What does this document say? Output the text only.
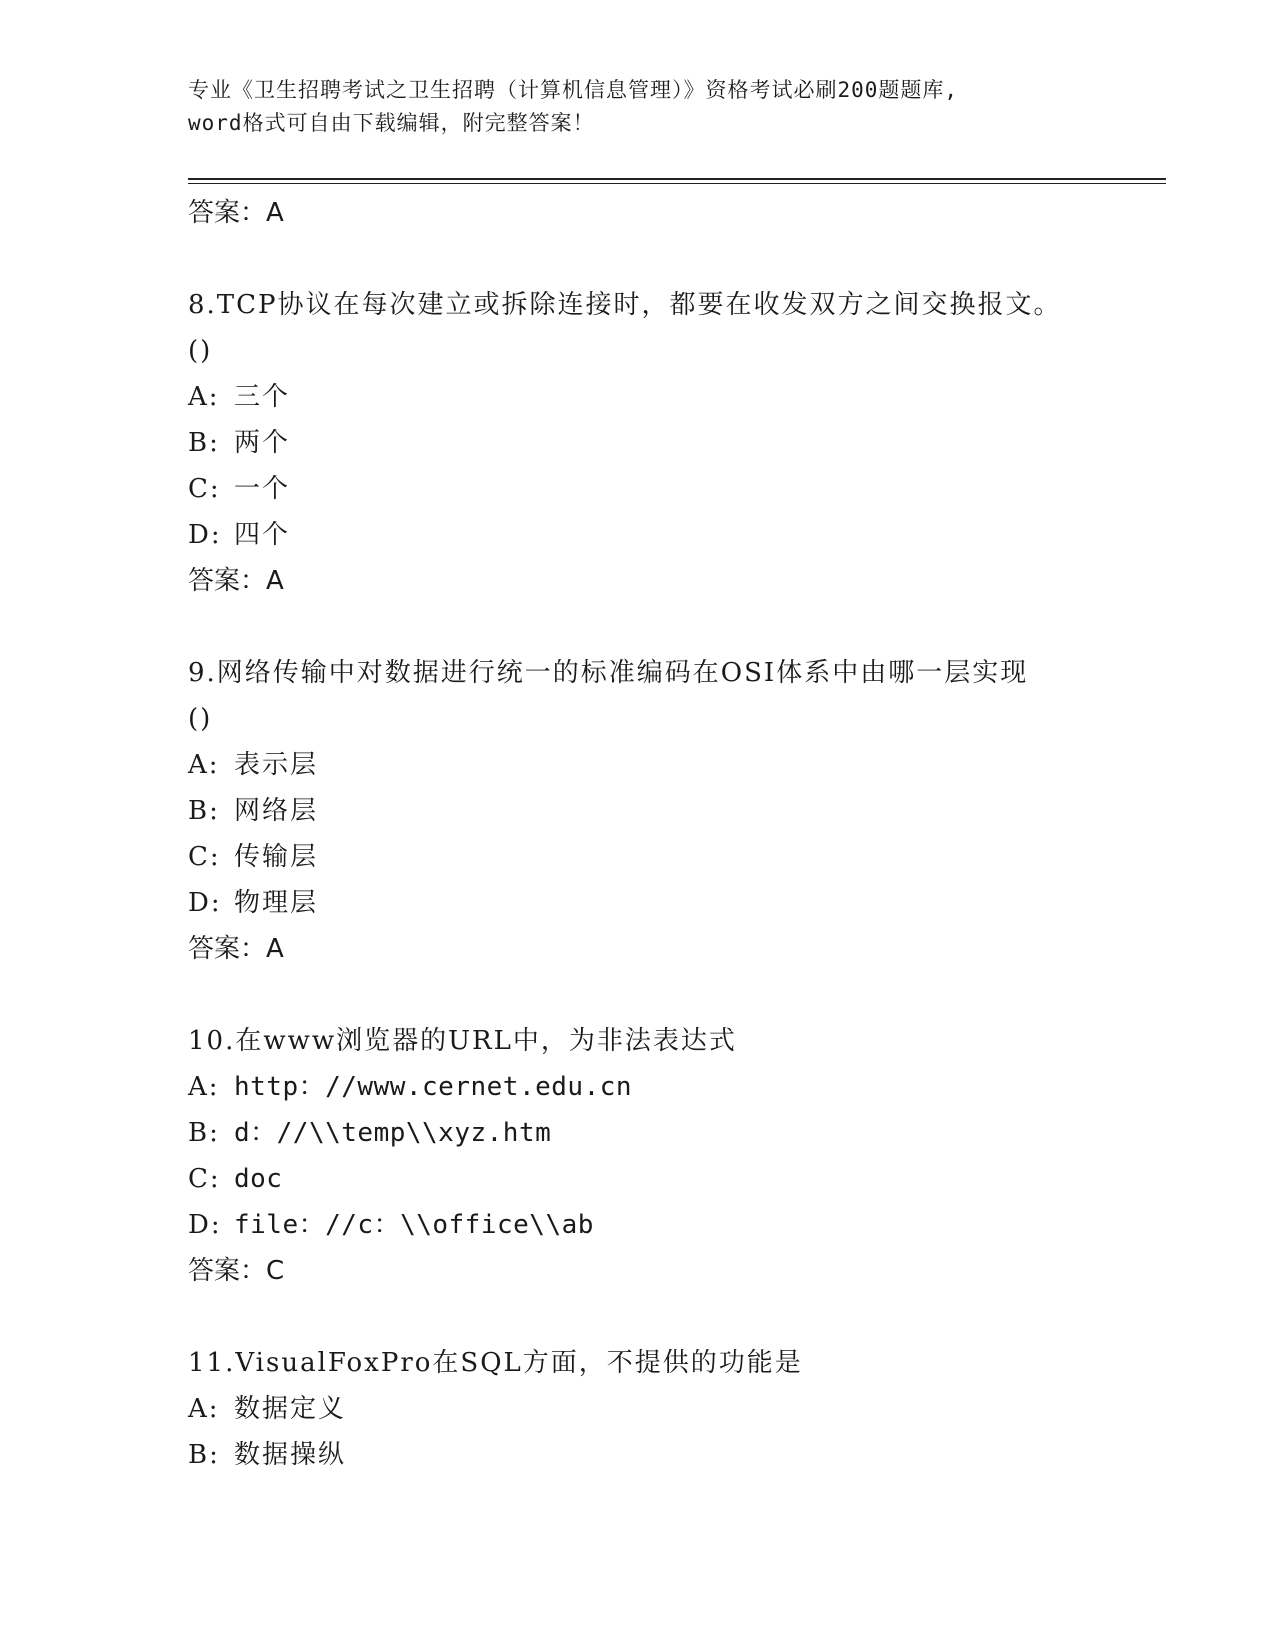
专业《卫生招聘考试之卫生招聘（计算机信息管理）》资格考试必刷200题题库,
word格式可自由下载编辑，附完整答案！
答案：A
8.TCP协议在每次建立或拆除连接时，都要在收发双方之间交换报文。
()
A: 三个
B: 两个
C: 一个
D: 四个
答案：A
9.网络传输中对数据进行统一的标准编码在OSI体系中由哪一层实现
()
A: 表示层
B: 网络层
C: 传输层
D: 物理层
答案：A
10.在www浏览器的URL中，为非法表达式
A: http：//www.cernet.edu.cn
B: d：//\\temp\\xyz.htm
C: doc
D: file：//c：\\office\\ab
答案：C
11.VisualFoxPro在SQL方面，不提供的功能是
A: 数据定义
B: 数据操纵
